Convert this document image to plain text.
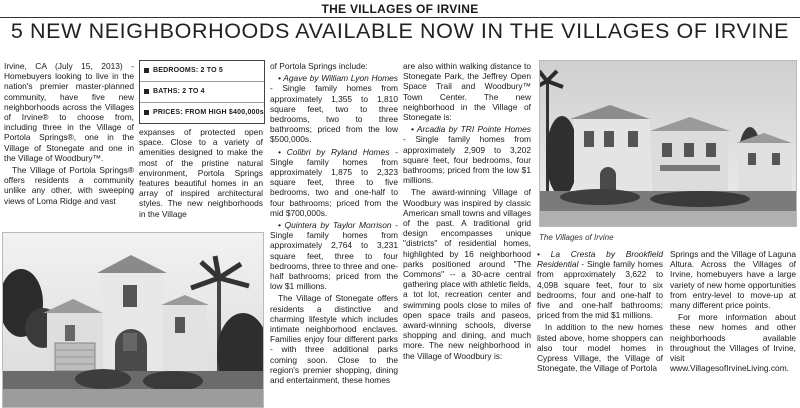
THE VILLAGES OF IRVINE
5 NEW NEIGHBORHOODS AVAILABLE NOW IN THE VILLAGES OF IRVINE

Irvine, CA (July 15, 2013) - Homebuyers looking to live in the nation's premier master-planned community, have five new neighborhoods across the Villages of Irvine® to choose from, including three in the Village of Portola Springs®, one in the Village of Stonegate and one in the Village of Woodbury™.

The Village of Portola Springs® offers residents a community unlike any other, with sweeping views of Loma Ridge and vast

BEDROOMS: 2 TO 5
BATHS: 2 TO 4
PRICES: FROM HIGH $400,000s

expanses of protected open space. Close to a variety of amenities designed to make the most of the pristine natural environment, Portola Springs features beautiful homes in an array of inspired architectural styles. The new neighborhoods in the Village

of Portola Springs include:

• Agave by William Lyon Homes - Single family homes from approximately 1,355 to 1,810 square feet, two to three bedrooms, two to three bathrooms; priced from the low $500,000s.

• Colibri by Ryland Homes - Single family homes from approximately 1,875 to 2,323 square feet, three to five bedrooms, two and one-half to four bathrooms; priced from the mid $700,000s.

• Quintera by Taylor Morrison - Single family homes from approximately 2,764 to 3,231 square feet, three to four bedrooms, three to three and one-half bathrooms; priced from the low $1 millions.

The Village of Stonegate offers residents a distinctive and charming lifestyle which includes intimate neighborhood enclaves. Families enjoy four different parks - with three additional parks coming soon. Close to the region's premier shopping, dining and entertainment, these homes

are also within walking distance to Stonegate Park, the Jeffrey Open Space Trail and Woodbury™ Town Center. The new neighborhood in the Village of Stonegate is:

• Arcadia by TRI Pointe Homes - Single family homes from approximately 2,909 to 3,202 square feet, four bedrooms, four bathrooms; priced from the low $1 millions.

The award-winning Village of Woodbury was inspired by classic American small towns and villages of the past. A traditional grid design encompasses unique "districts" of residential homes, highlighted by 16 neighborhood parks positioned around "The Commons" -- a 30-acre central gathering place with athletic fields, a tot lot, recreation center and swimming pools close to miles of open space trails and paseos, award-winning schools, diverse shopping and dining, and much more. The new neighborhood in the Village of Woodbury is:

The Villages of Irvine

• La Cresta by Brookfield Residential - Single family homes from approximately 3,622 to 4,098 square feet, four to six bedrooms, four and one-half to five and one-half bathrooms; priced from the mid $1 millions.

In addition to the new homes listed above, home shoppers can also tour model homes in Cypress Village, the Village of Stonegate, the Village of Portola

Springs and the Village of Laguna Altura. Across the Villages of Irvine, homebuyers have a large variety of new home opportunities from entry-level to move-up at many different price points.

For more information about these new homes and other neighborhoods available throughout the Villages of Irvine, visit www.VillagesofIrvineLiving.com.
